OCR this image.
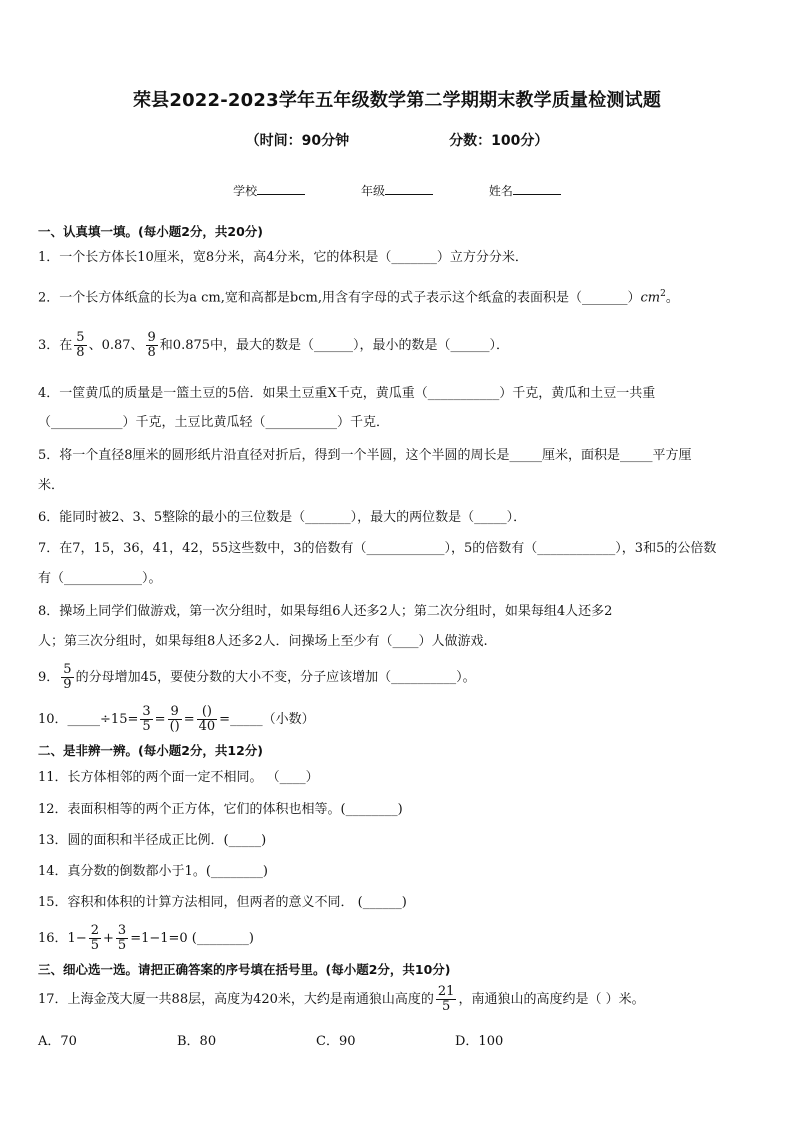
荣县2022-2023学年五年级数学第二学期期末教学质量检测试题
（时间：90分钟	分数：100分）
学校	年级	姓名
一、认真填一填。(每小题2分，共20分)
1．一个长方体长10厘米，宽8分米，高4分米，它的体积是（_______）立方分分米．
2．一个长方体纸盒的长为a cm,宽和高都是bcm,用含有字母的式子表示这个纸盒的表面积是$(\_\_\_\_\_\_\_)cm^2$。
3．在 $\frac{5}{8}$ 、0.87、 $\frac{9}{8}$ 和0.875中，最大的数是（______），最小的数是（______）．
4．一筐黄瓜的质量是一篮土豆的5倍．如果土豆重X千克，黄瓜重（___________）千克，黄瓜和土豆一共重
（___________）千克，土豆比黄瓜轻（___________）千克．
5．将一个直径8厘米的圆形纸片沿直径对折后，得到一个半圆，这个半圆的周长是_____厘米，面积是_____平方厘
米．
6．能同时被2、3、5整除的最小的三位数是（_______），最大的两位数是（_____）．
7．在7，15，36，41，42，55这些数中，3的倍数有（____________），5的倍数有（____________），3和5的公倍数
有（____________）。
8．操场上同学们做游戏，第一次分组时，如果每组6人还多2人；第二次分组时，如果每组4人还多2
人；第三次分组时，如果每组8人还多2人．问操场上至少有（____）人做游戏.
9． $\frac{5}{9}$ 的分母增加45，要使分数的大小不变，分子应该增加（__________）。
10．_____÷15= $\frac{3}{5} = \frac{9}{()} = \frac{()}{40}$ =_____（小数）
二、是非辨一辨。(每小题2分，共12分)
11．长方体相邻的两个面一定不相同。 （____）
12．表面积相等的两个正方体，它们的体积也相等。(________)
13．圆的面积和半径成正比例．(_____)
14．真分数的倒数都小于1。(________)
15．容积和体积的计算方法相同，但两者的意义不同． (______)
16．$1- \frac{2}{5} + \frac{3}{5} =1-1=0$ (________)
三、细心选一选。请把正确答案的序号填在括号里。(每小题2分，共10分)
17．上海金茂大厦一共88层，高度为420米，大约是南通狼山高度的 $\frac{21}{5}$ ，南通狼山的高度约是（ ）米。
A．70	B．80	C．90	D．100
